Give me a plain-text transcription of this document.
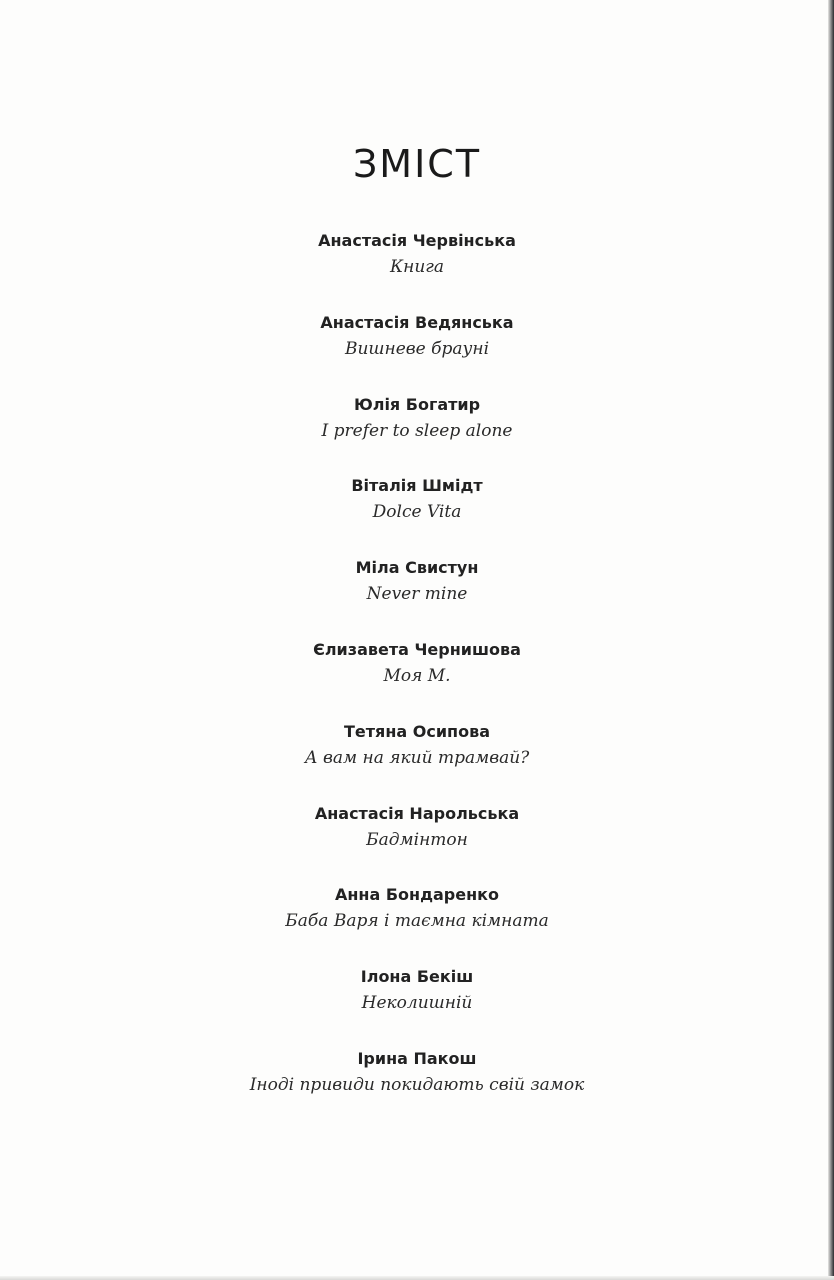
ЗМІСТ
Анастасія Червінська
Книга
Анастасія Ведянська
Вишневе брауні
Юлія Богатир
I prefer to sleep alone
Віталія Шмідт
Dolce Vita
Міла Свистун
Never mine
Єлизавета Чернишова
Моя М.
Тетяна Осипова
А вам на який трамвай?
Анастасія Нарольська
Бадмінтон
Анна Бондаренко
Баба Варя і таємна кімната
Ілона Бекіш
Неколишній
Ірина Пакош
Іноді привиди покидають свій замок
